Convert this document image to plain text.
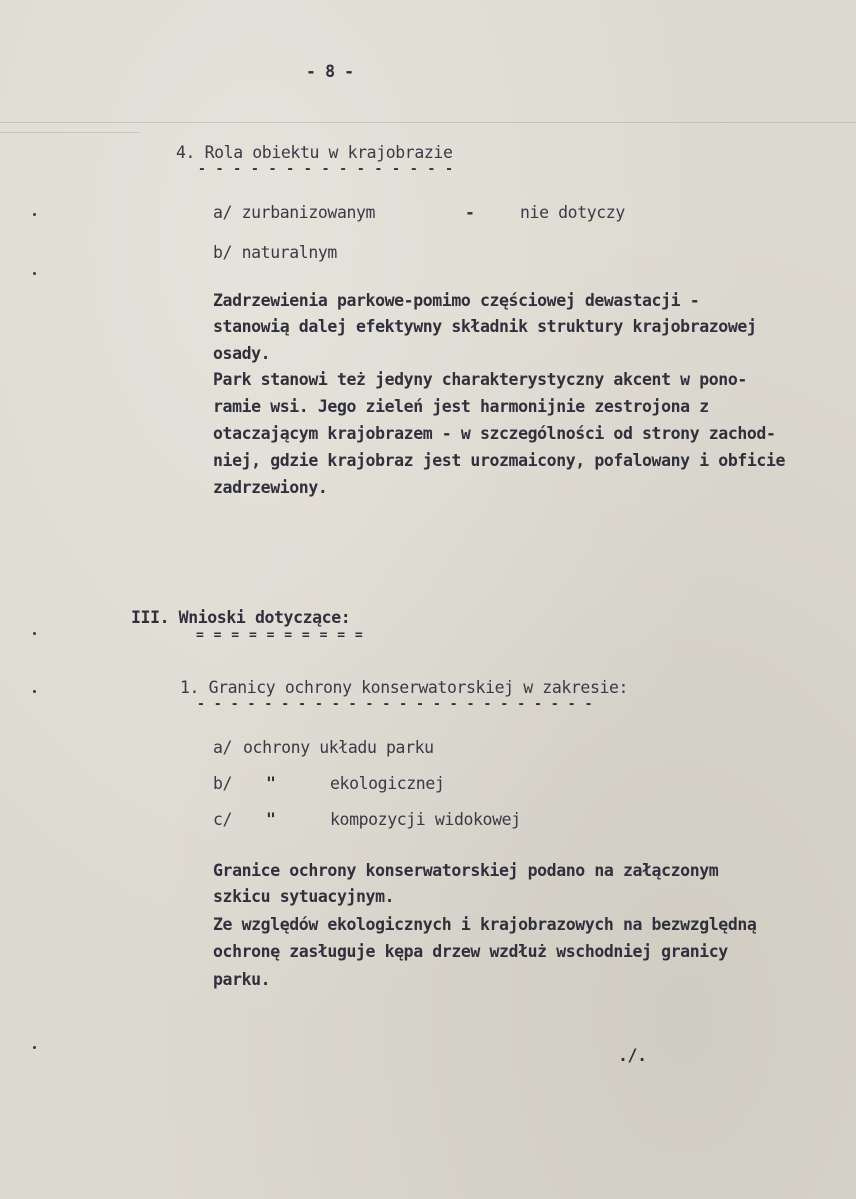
- 8 -
4. Rola obiektu w krajobrazie
- - - - - - - - - - - - - - -
a/ zurbanizowanym	-	nie dotyczy
b/ naturalnym
Zadrzewienia parkowe-pomimo częściowej dewastacji -
stanowią dalej efektywny składnik struktury krajobrazowej
osady.
Park stanowi też jedyny charakterystyczny akcent w pono-
ramie wsi. Jego zieleń jest harmonijnie zestrojona z
otaczającym krajobrazem - w szczególności od strony zachod-
niej, gdzie krajobraz jest urozmaicony, pofalowany i obficie
zadrzewiony.
III. Wnioski dotyczące:
= = = = = = = = = =
1. Granicy ochrony konserwatorskiej w zakresie:
- - - - - - - - - - - - - - - - - - - - - - - -
a/ ochrony układu parku
b/ "	ekologicznej
c/ "	kompozycji widokowej
Granice ochrony konserwatorskiej podano na załączonym
szkicu sytuacyjnym.
Ze względów ekologicznych i krajobrazowych na bezwzględną
ochronę zasługuje kępa drzew wzdłuż wschodniej granicy
parku.
./.
